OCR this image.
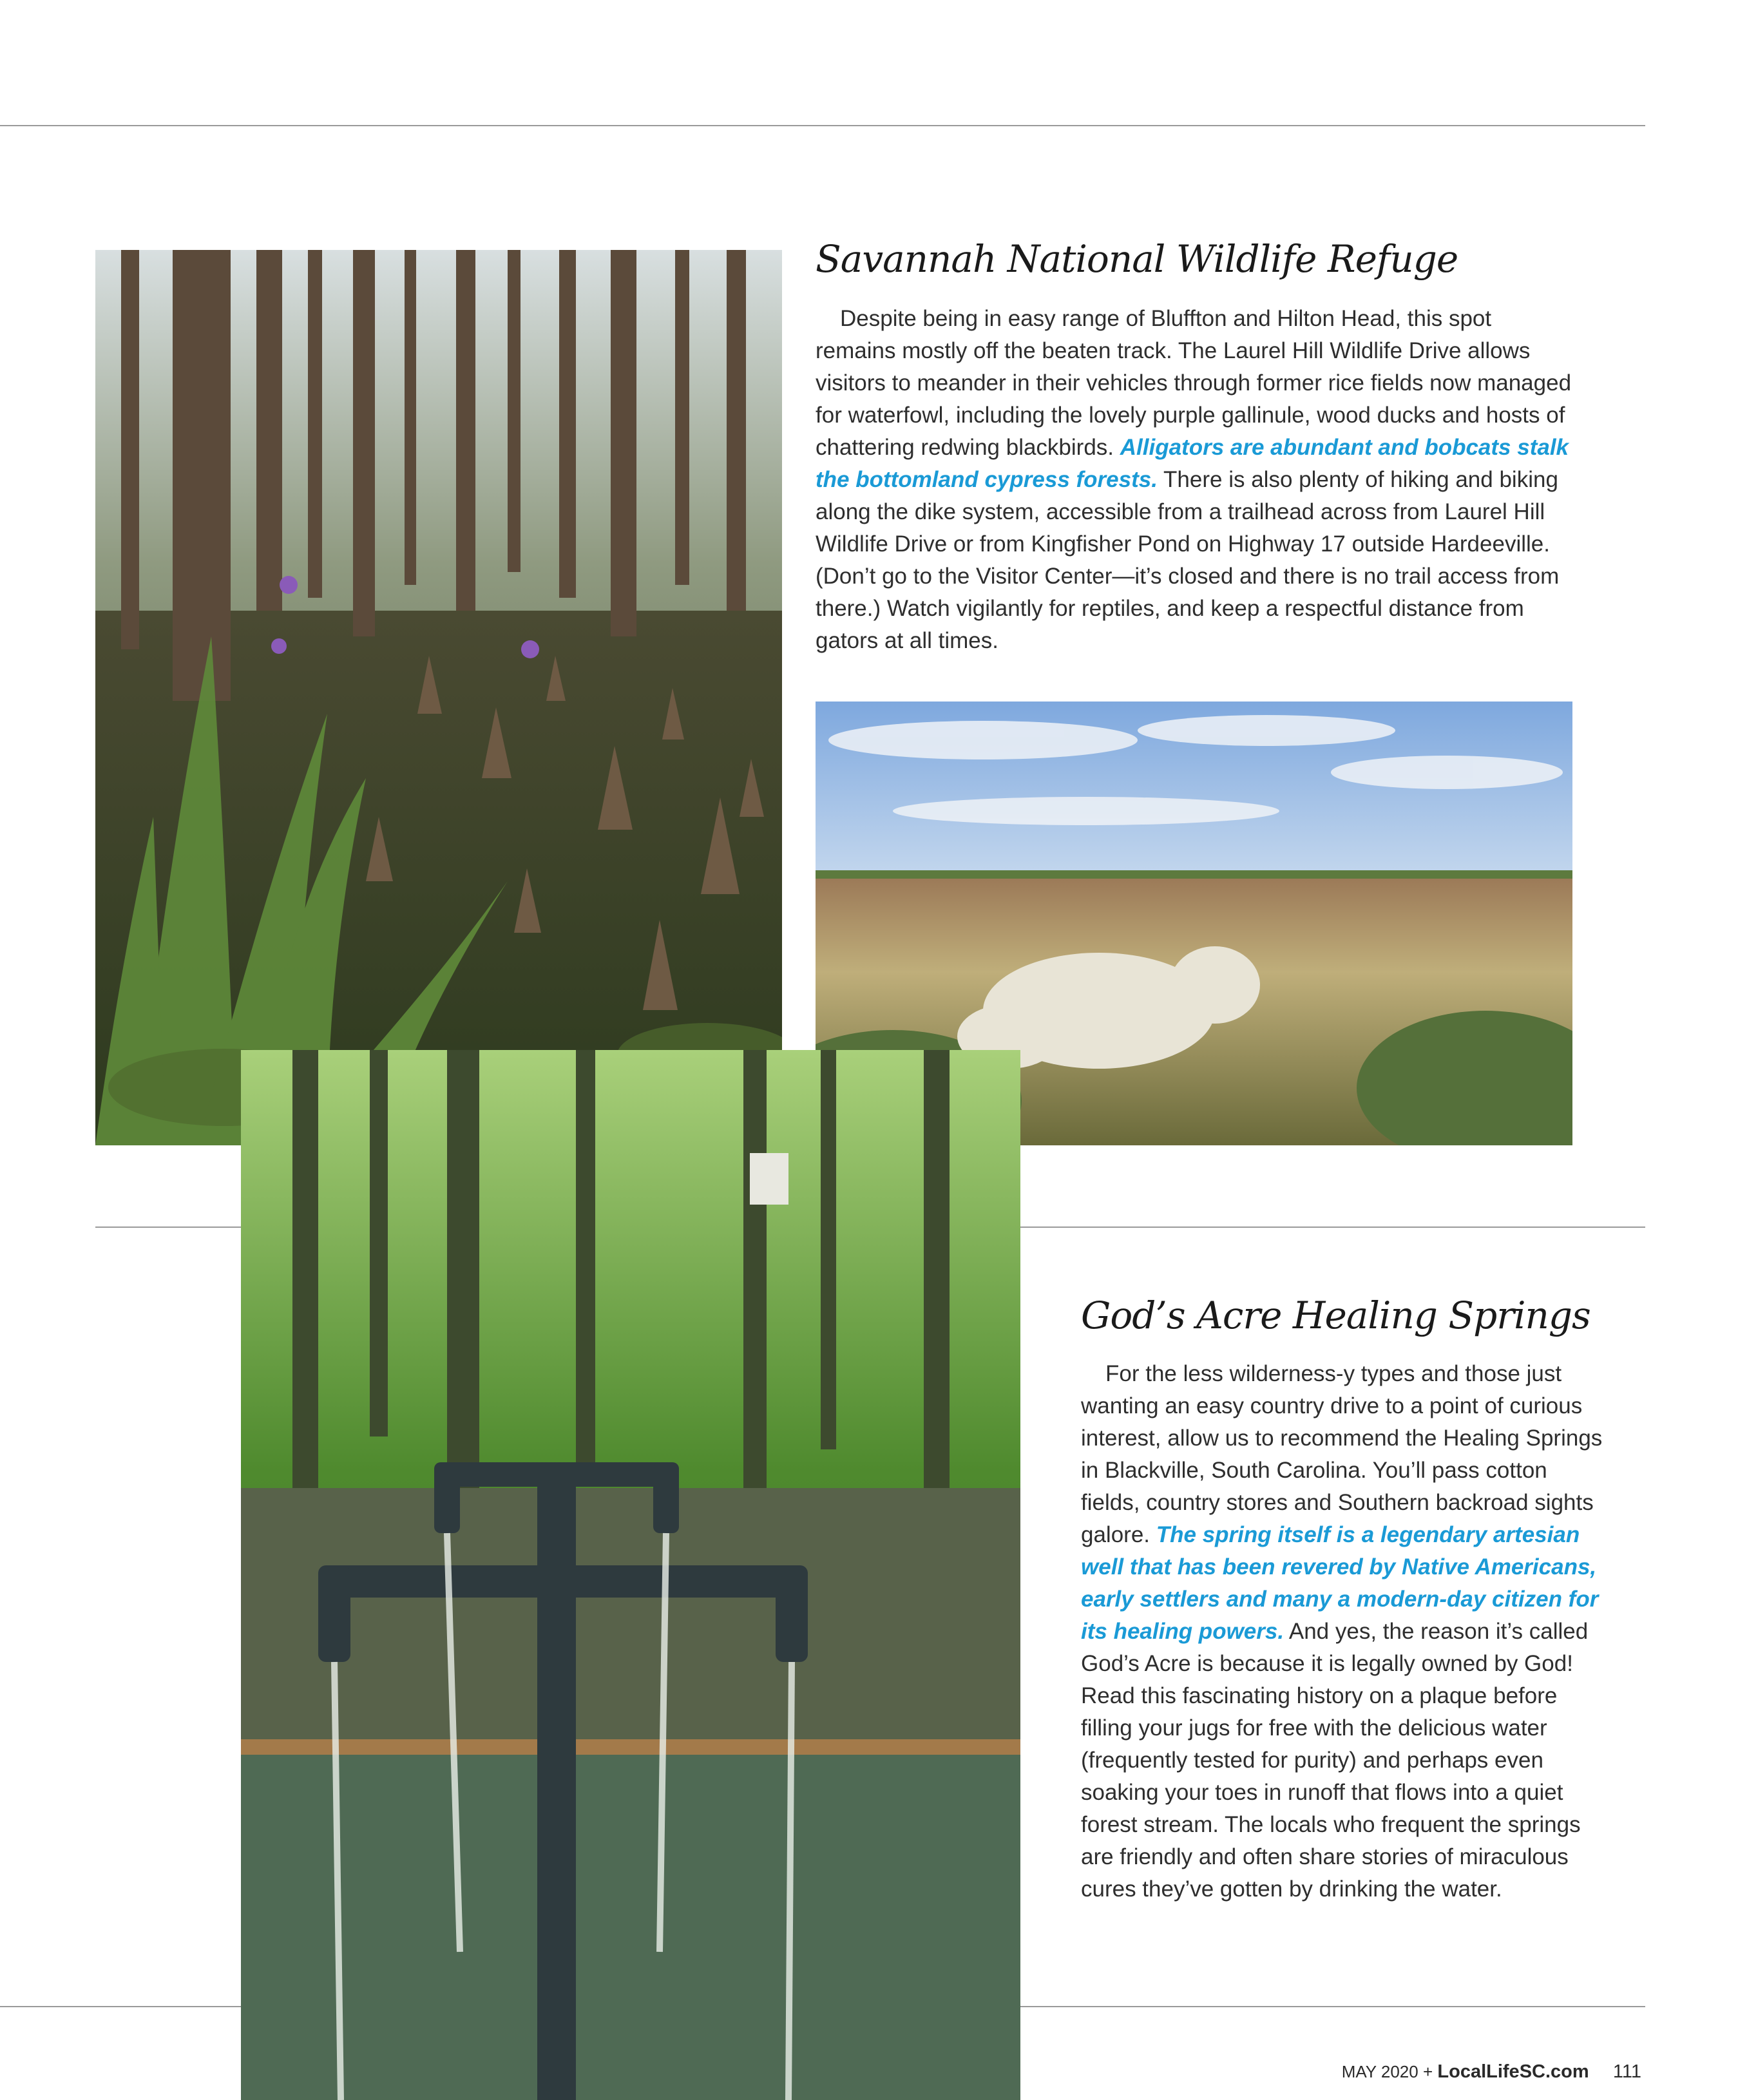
Savannah National Wildlife Refuge

Despite being in easy range of Bluffton and Hilton Head, this spot remains mostly off the beaten track. The Laurel Hill Wildlife Drive allows visitors to meander in their vehicles through former rice fields now managed for waterfowl, including the lovely purple gallinule, wood ducks and hosts of chattering redwing blackbirds. Alligators are abundant and bobcats stalk the bottomland cypress forests. There is also plenty of hiking and biking along the dike system, accessible from a trailhead across from Laurel Hill Wildlife Drive or from Kingfisher Pond on Highway 17 outside Hardeeville. (Don’t go to the Visitor Center—it’s closed and there is no trail access from there.) Watch vigilantly for reptiles, and keep a respectful distance from gators at all times.

God’s Acre Healing Springs

For the less wilderness-y types and those just wanting an easy country drive to a point of curious interest, allow us to recommend the Healing Springs in Blackville, South Carolina. You’ll pass cotton fields, country stores and Southern backroad sights galore. The spring itself is a legendary artesian well that has been revered by Native Americans, early settlers and many a modern-day citizen for its healing powers. And yes, the reason it’s called God’s Acre is because it is legally owned by God! Read this fascinating history on a plaque before filling your jugs for free with the delicious water (frequently tested for purity) and perhaps even soaking your toes in runoff that flows into a quiet forest stream. The locals who frequent the springs are friendly and often share stories of miraculous cures they’ve gotten by drinking the water.

MAY 2020 + LocalLifeSC.com 111
